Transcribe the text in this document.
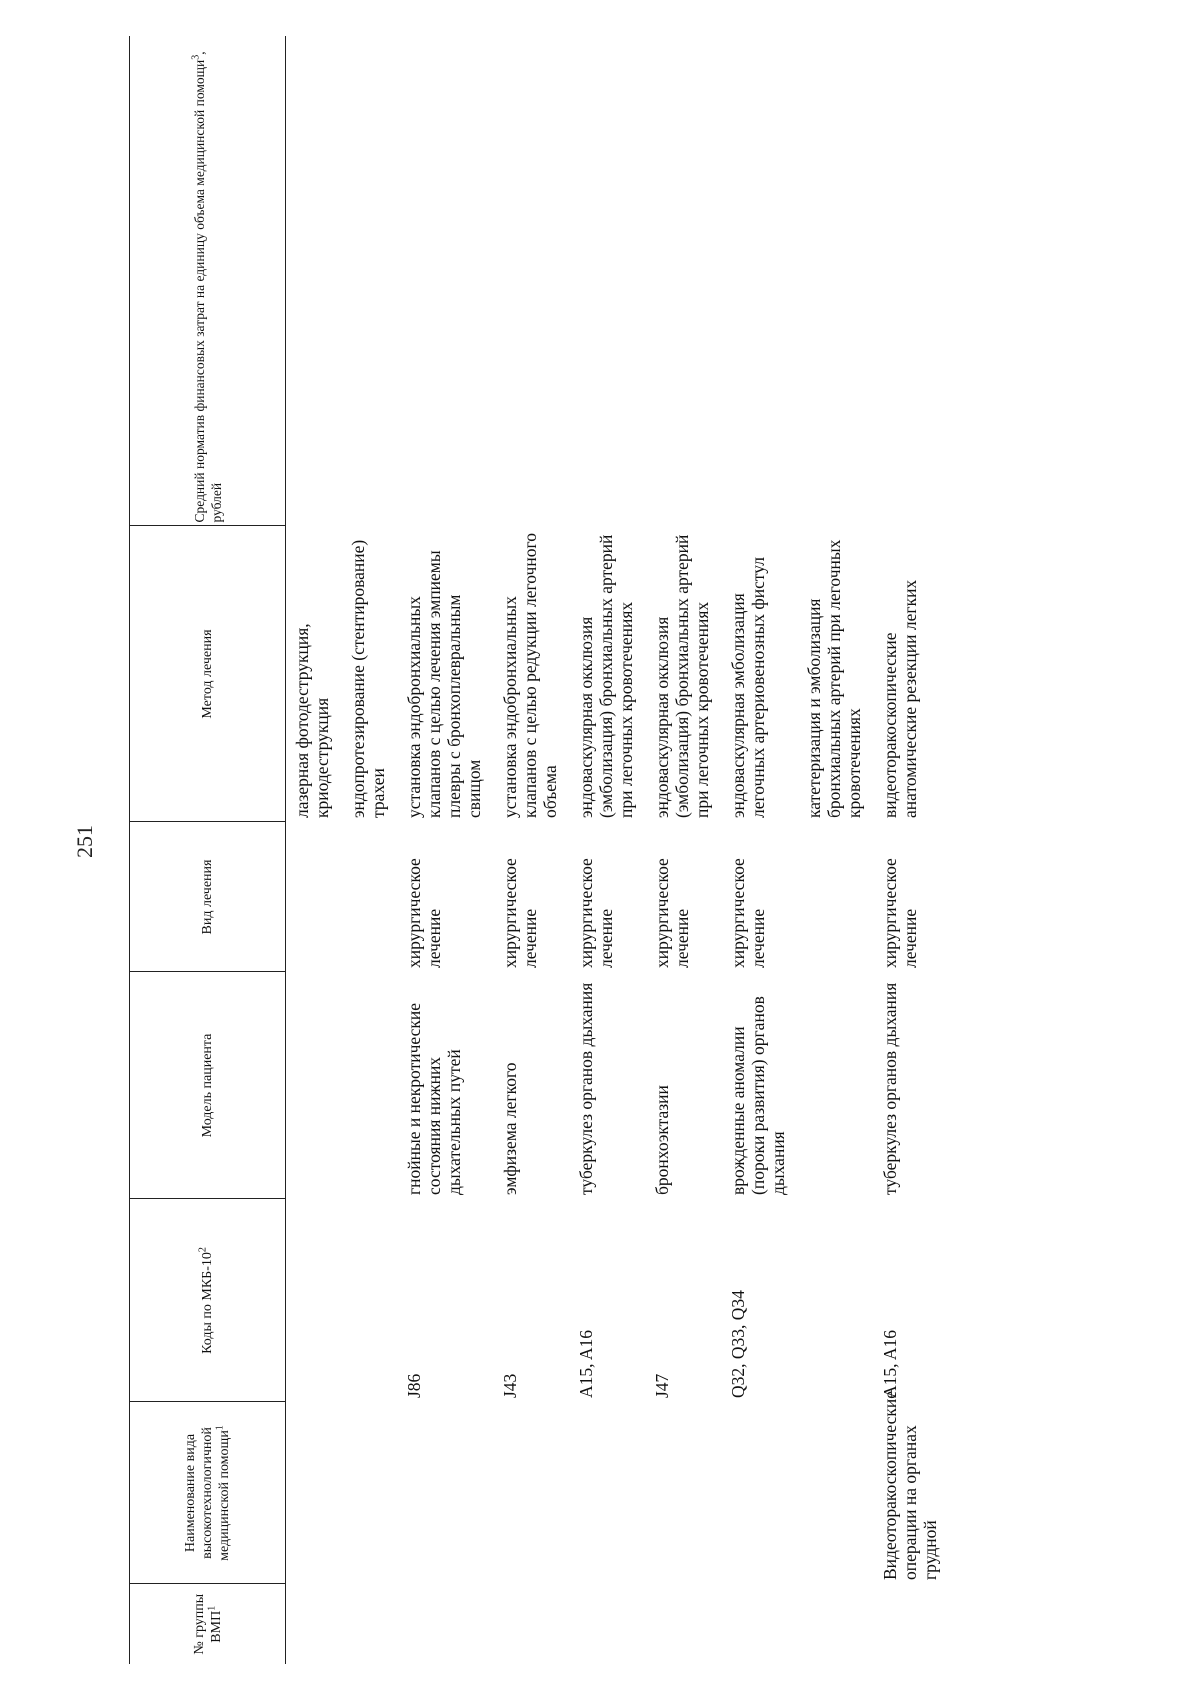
251
№ группы ВМП$^1$	Наименование вида высокотехнологичной медицинской помощи$^1$	Коды по МКБ-$10^2$	Модель пациента	Вид лечения	Метод лечения	Средний норматив финансовых затрат на единицу объема медицинской помощи$^3$, рублей
					лазерная фотодеструкция, криодеструкция	
					эндопротезирование (стентирование) трахеи	
		J86	гнойные и некротические состояния нижних дыхательных путей	хирургическое лечение	установка эндобронхиальных клапанов с целью лечения эмпиемы плевры с бронхоплевральным свищом	
		J43	эмфизема легкого	хирургическое лечение	установка эндобронхиальных клапанов с целью редукции легочного объема	
		A15, A16	туберкулез органов дыхания	хирургическое лечение	эндоваскулярная окклюзия (эмболизация) бронхиальных артерий при легочных кровотечениях	
		J47	бронхоэктазии	хирургическое лечение	эндоваскулярная окклюзия (эмболизация) бронхиальных артерий при легочных кровотечениях	
		Q32, Q33, Q34	врожденные аномалии (пороки развития) органов дыхания	хирургическое лечение	эндоваскулярная эмболизация легочных артериовенозных фистул	
					катетеризация и эмболизация бронхиальных артерий при легочных кровотечениях	
	Видеоторакоскопические операции на органах грудной	A15, A16	туберкулез органов дыхания	хирургическое лечение	видеоторакоскопические анатомические резекции легких	
